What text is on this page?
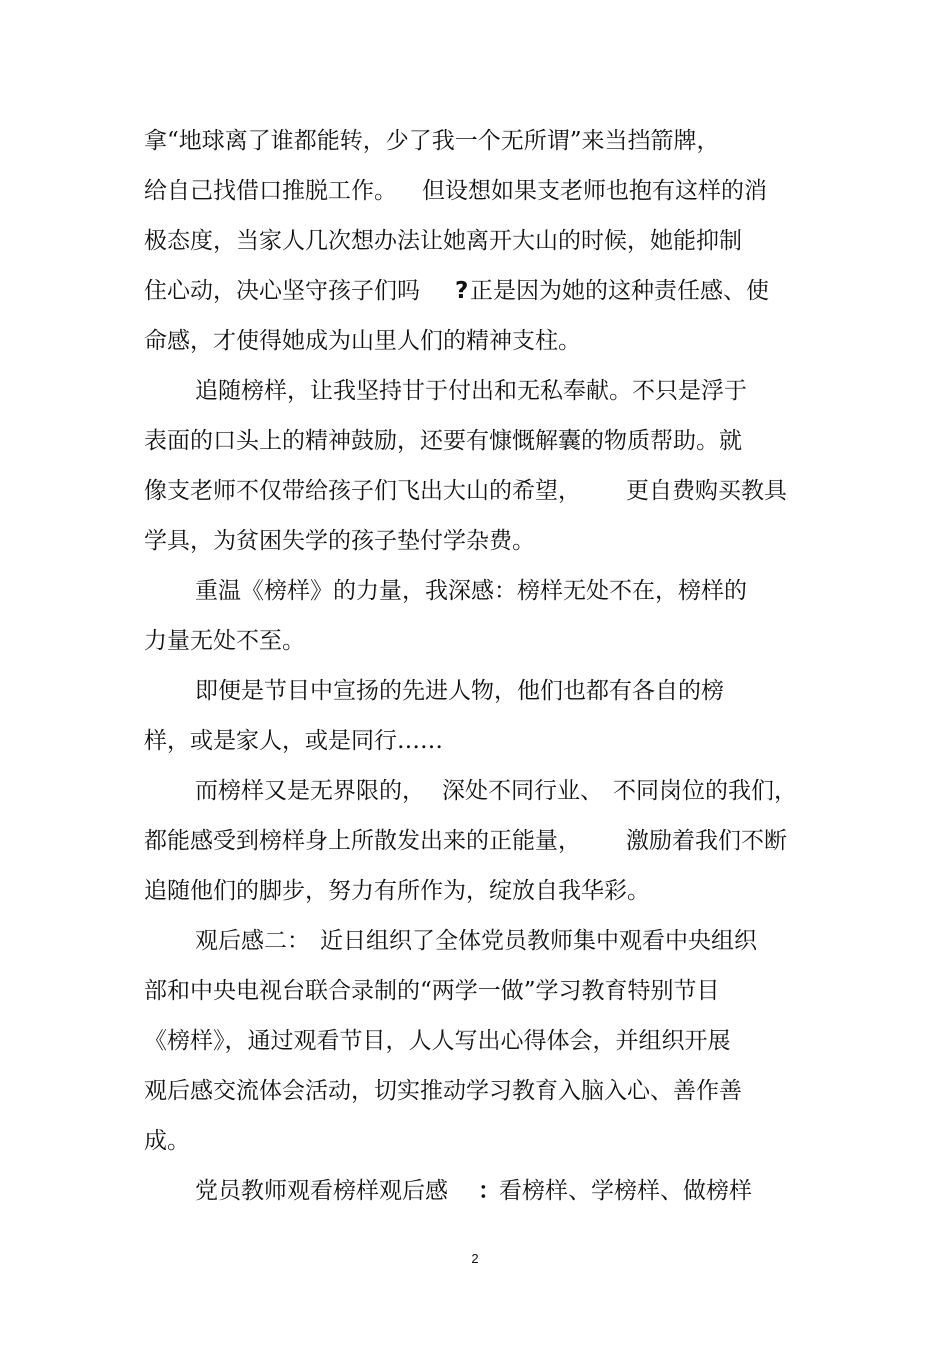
拿“地球离了谁都能转，少了我一个无所谓”来当挡箭牌，
给自己找借口推脱工作。 但设想如果支老师也抱有这样的消
极态度，当家人几次想办法让她离开大山的时候，她能抑制
住心动，决心坚守孩子们吗 ? 正是因为她的这种责任感、使
命感，才使得她成为山里人们的精神支柱。
追随榜样，让我坚持甘于付出和无私奉献。不只是浮于
表面的口头上的精神鼓励，还要有慷慨解囊的物质帮助。就
像支老师不仅带给孩子们飞出大山的希望， 更自费购买教具
学具，为贫困失学的孩子垫付学杂费。
重温《榜样》的力量，我深感：榜样无处不在，榜样的
力量无处不至。
即便是节目中宣扬的先进人物，他们也都有各自的榜
样，或是家人，或是同行……
而榜样又是无界限的， 深处不同行业、 不同岗位的我们，
都能感受到榜样身上所散发出来的正能量， 激励着我们不断
追随他们的脚步，努力有所作为，绽放自我华彩。
观后感二： 近日组织了全体党员教师集中观看中央组织
部和中央电视台联合录制的“两学一做”学习教育特别节目
《榜样》，通过观看节目，人人写出心得体会，并组织开展
观后感交流体会活动，切实推动学习教育入脑入心、善作善
成。
党员教师观看榜样观后感 ：
看榜样、学榜样、做榜样
2
